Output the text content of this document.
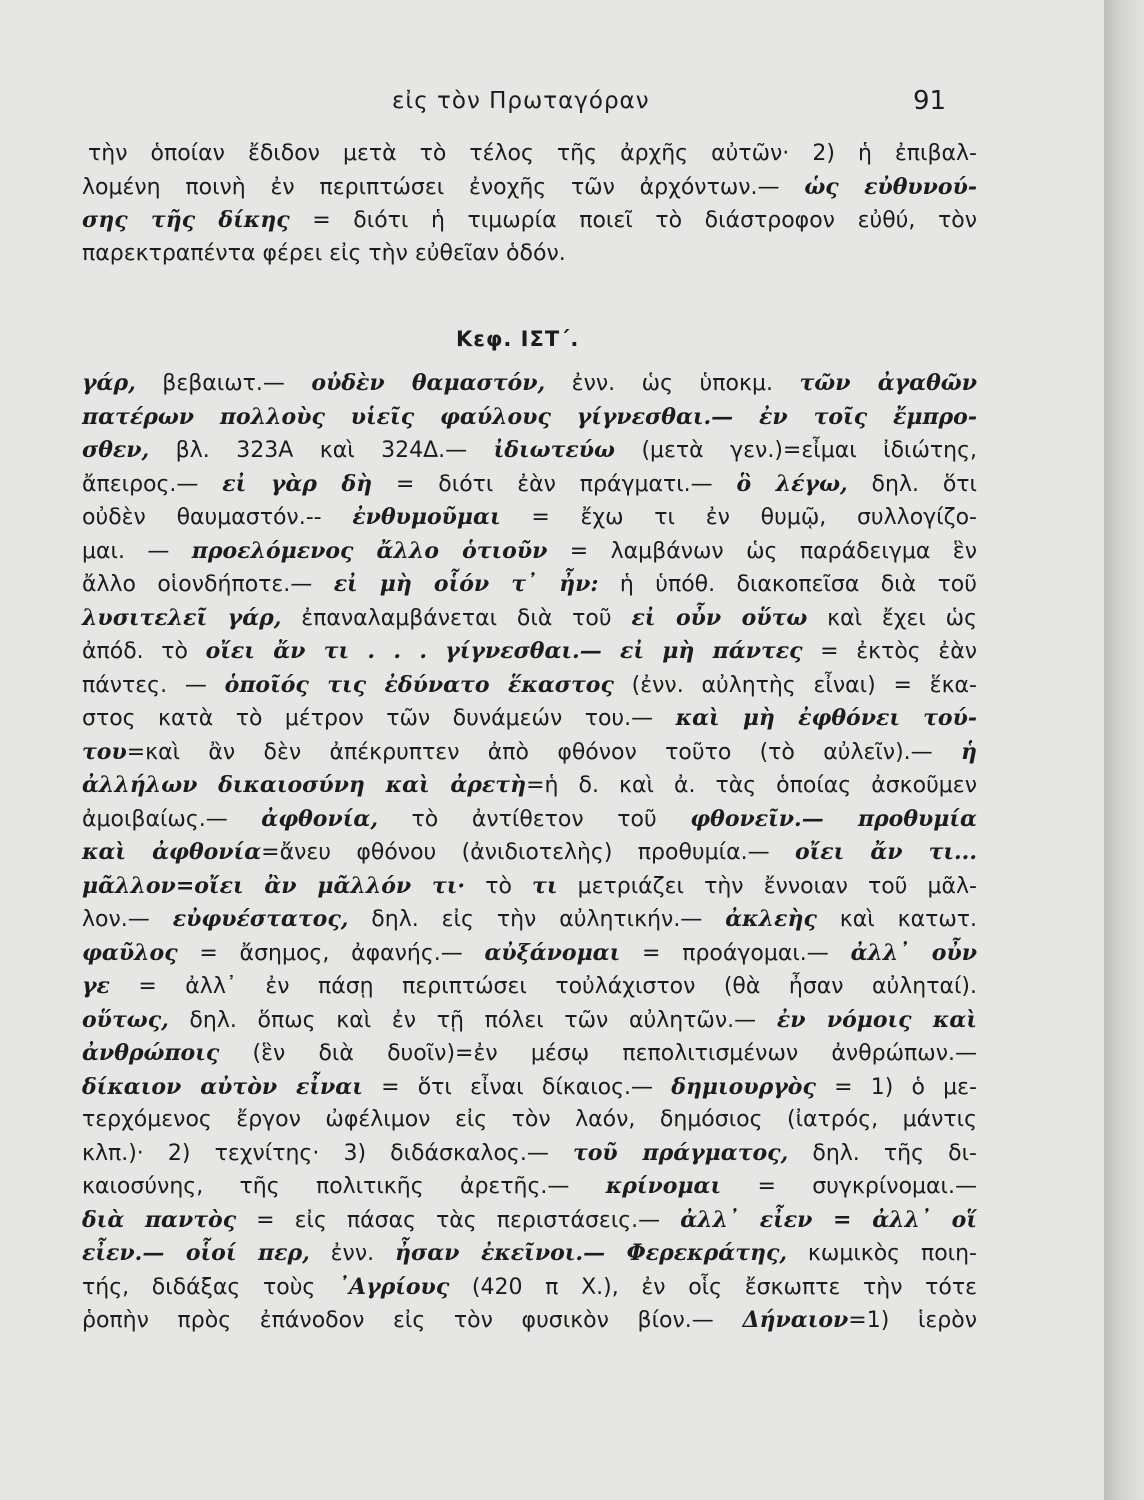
εἰς τὸν Πρωταγόραν	91
τὴν ὁποίαν ἔδιδον μετὰ τὸ τέλος τῆς ἀρχῆς αὐτῶν· 2) ἡ ἐπιβαλ-
λομένη ποινὴ ἐν περιπτώσει ἐνοχῆς τῶν ἀρχόντων.— ὡς εὐθυνού-
σης τῆς δίκης = διότι ἡ τιμωρία ποιεῖ τὸ διάστροφον εὐθύ, τὸν
παρεκτραπέντα φέρει εἰς τὴν εὐθεῖαν ὁδόν.
γάρ, βεβαιωτ.— οὐδὲν θαμαστόν, ἐνν. ὡς ὑποκμ. τῶν ἀγαθῶν
πατέρων πολλοὺς υἱεῖς φαύλους γίγνεσθαι.— ἐν τοῖς ἔμπρο-
σθεν, βλ. 323Α καὶ 324Δ.— ἰδιωτεύω (μετὰ γεν.)=εἶμαι ἰδιώτης,
ἄπειρος.— εἰ γὰρ δὴ = διότι ἐὰν πράγματι.— ὃ λέγω, δηλ. ὅτι
οὐδὲν θαυμαστόν.-- ἐνθυμοῦμαι = ἔχω τι ἐν θυμῷ, συλλογίζο-
μαι. — προελόμενος ἄλλο ὁτιοῦν = λαμβάνων ὡς παράδειγμα ἓν
ἄλλο οἱονδήποτε.— εἰ μὴ οἷόν τ᾽ ἦν: ἡ ὑπόθ. διακοπεῖσα διὰ τοῦ
λυσιτελεῖ γάρ, ἐπαναλαμβάνεται διὰ τοῦ εἰ οὖν οὕτω καὶ ἔχει ὡς
ἀπόδ. τὸ οἴει ἄν τι . . . γίγνεσθαι.— εἰ μὴ πάντες = ἐκτὸς ἐὰν
πάντες. — ὁποῖός τις ἐδύνατο ἕκαστος (ἐνν. αὐλητὴς εἶναι) = ἕκα-
στος κατὰ τὸ μέτρον τῶν δυνάμεών του.— καὶ μὴ ἐφθόνει τού-
του=καὶ ἂν δὲν ἀπέκρυπτεν ἀπὸ φθόνον τοῦτο (τὸ αὐλεῖν).— ἡ
ἀλλήλων δικαιοσύνη καὶ ἀρετὴ=ἡ δ. καὶ ἀ. τὰς ὁποίας ἀσκοῦμεν
ἀμοιβαίως.— ἀφθονία, τὸ ἀντίθετον τοῦ φθονεῖν.— προθυμία
καὶ ἀφθονία=ἄνευ φθόνου (ἀνιδιοτελὴς) προθυμία.— οἴει ἄν τι...
μᾶλλον=οἴει ἂν μᾶλλόν τι· τὸ τι μετριάζει τὴν ἔννοιαν τοῦ μᾶλ-
λον.— εὐφυέστατος, δηλ. εἰς τὴν αὐλητικήν.— ἀκλεὴς καὶ κατωτ.
φαῦλος = ἄσημος, ἀφανής.— αὐξάνομαι = προάγομαι.— ἀλλ᾽ οὖν
γε = ἀλλ᾽ ἐν πάσῃ περιπτώσει τοὐλάχιστον (θὰ ἦσαν αὐληταί).
οὕτως, δηλ. ὅπως καὶ ἐν τῇ πόλει τῶν αὐλητῶν.— ἐν νόμοις καὶ
ἀνθρώποις (ἓν διὰ δυοῖν)=ἐν μέσῳ πεπολιτισμένων ἀνθρώπων.—
δίκαιον αὐτὸν εἶναι = ὅτι εἶναι δίκαιος.— δημιουργὸς = 1) ὁ με-
τερχόμενος ἔργον ὠφέλιμον εἰς τὸν λαόν, δημόσιος (ἰατρός, μάντις
κλπ.)· 2) τεχνίτης· 3) διδάσκαλος.— τοῦ πράγματος, δηλ. τῆς δι-
καιοσύνης, τῆς πολιτικῆς ἀρετῆς.— κρίνομαι = συγκρίνομαι.—
διὰ παντὸς = εἰς πάσας τὰς περιστάσεις.— ἀλλ᾽ εἶεν = ἀλλ᾽ οἵ
εἶεν.— οἷοί περ, ἐνν. ἦσαν ἐκεῖνοι.— Φερεκράτης, κωμικὸς ποιη-
τής, διδάξας τοὺς ᾿Αγρίους (420 π Χ.), ἐν οἷς ἔσκωπτε τὴν τότε
ῥοπὴν πρὸς ἐπάνοδον εἰς τὸν φυσικὸν βίον.— Δήναιον=1) ἱερὸν
Κεφ. ΙΣΤ΄.
